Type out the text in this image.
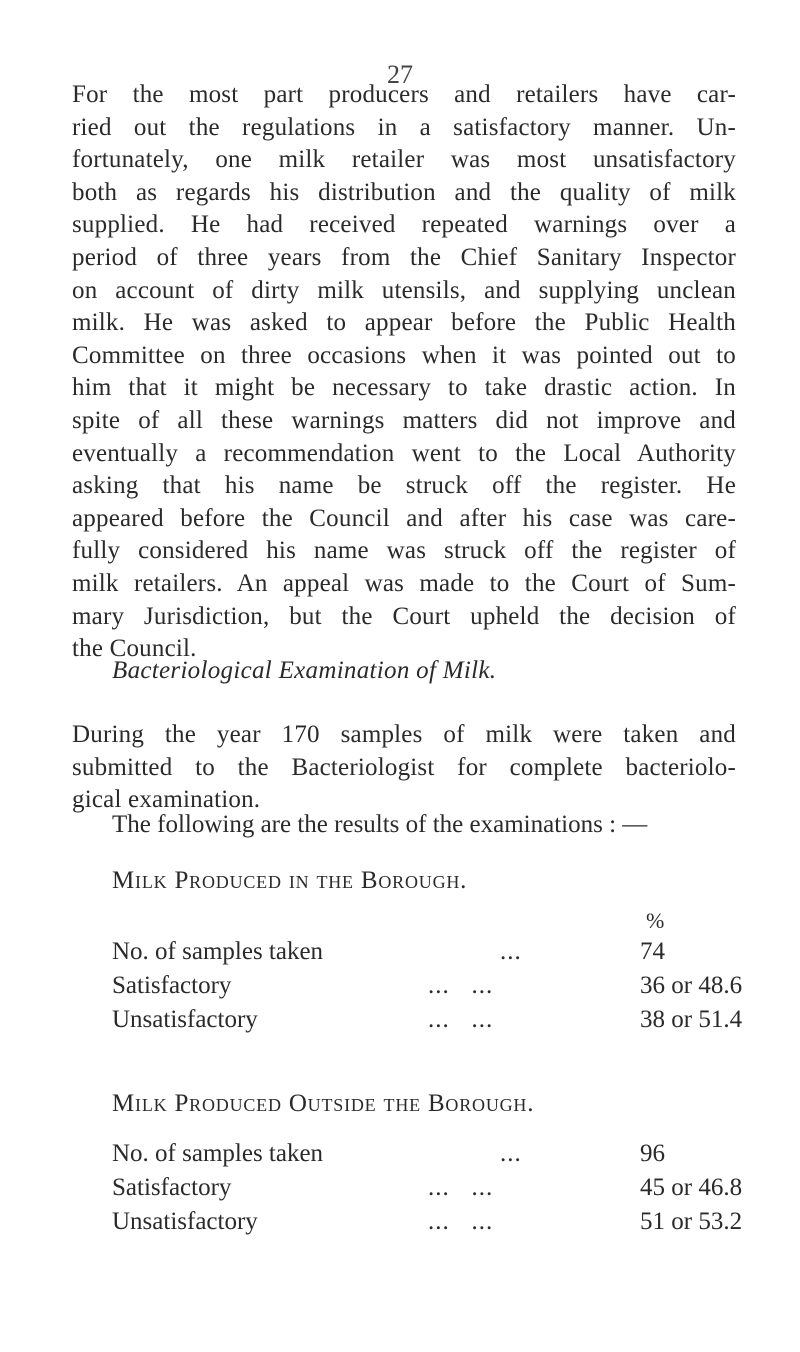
27
For the most part producers and retailers have car-
ried out the regulations in a satisfactory manner. Un-
fortunately, one milk retailer was most unsatisfactory
both as regards his distribution and the quality of milk
supplied. He had received repeated warnings over a
period of three years from the Chief Sanitary Inspector
on account of dirty milk utensils, and supplying unclean
milk. He was asked to appear before the Public Health
Committee on three occasions when it was pointed out to
him that it might be necessary to take drastic action. In
spite of all these warnings matters did not improve and
eventually a recommendation went to the Local Authority
asking that his name be struck off the register. He
appeared before the Council and after his case was care-
fully considered his name was struck off the register of
milk retailers. An appeal was made to the Court of Sum-
mary Jurisdiction, but the Court upheld the decision of
the Council.

Bacteriological Examination of Milk.

During the year 170 samples of milk were taken and
submitted to the Bacteriologist for complete bacteriolo-
gical examination.

The following are the results of the examinations : —

Milk Produced in the Borough.

%

No. of samples taken	...	74
Satisfactory	...   ...	36 or 48.6
Unsatisfactory	...   ...	38 or 51.4

Milk Produced Outside the Borough.

No. of samples taken	...	96
Satisfactory	...   ...	45 or 46.8
Unsatisfactory	...   ...	51 or 53.2
